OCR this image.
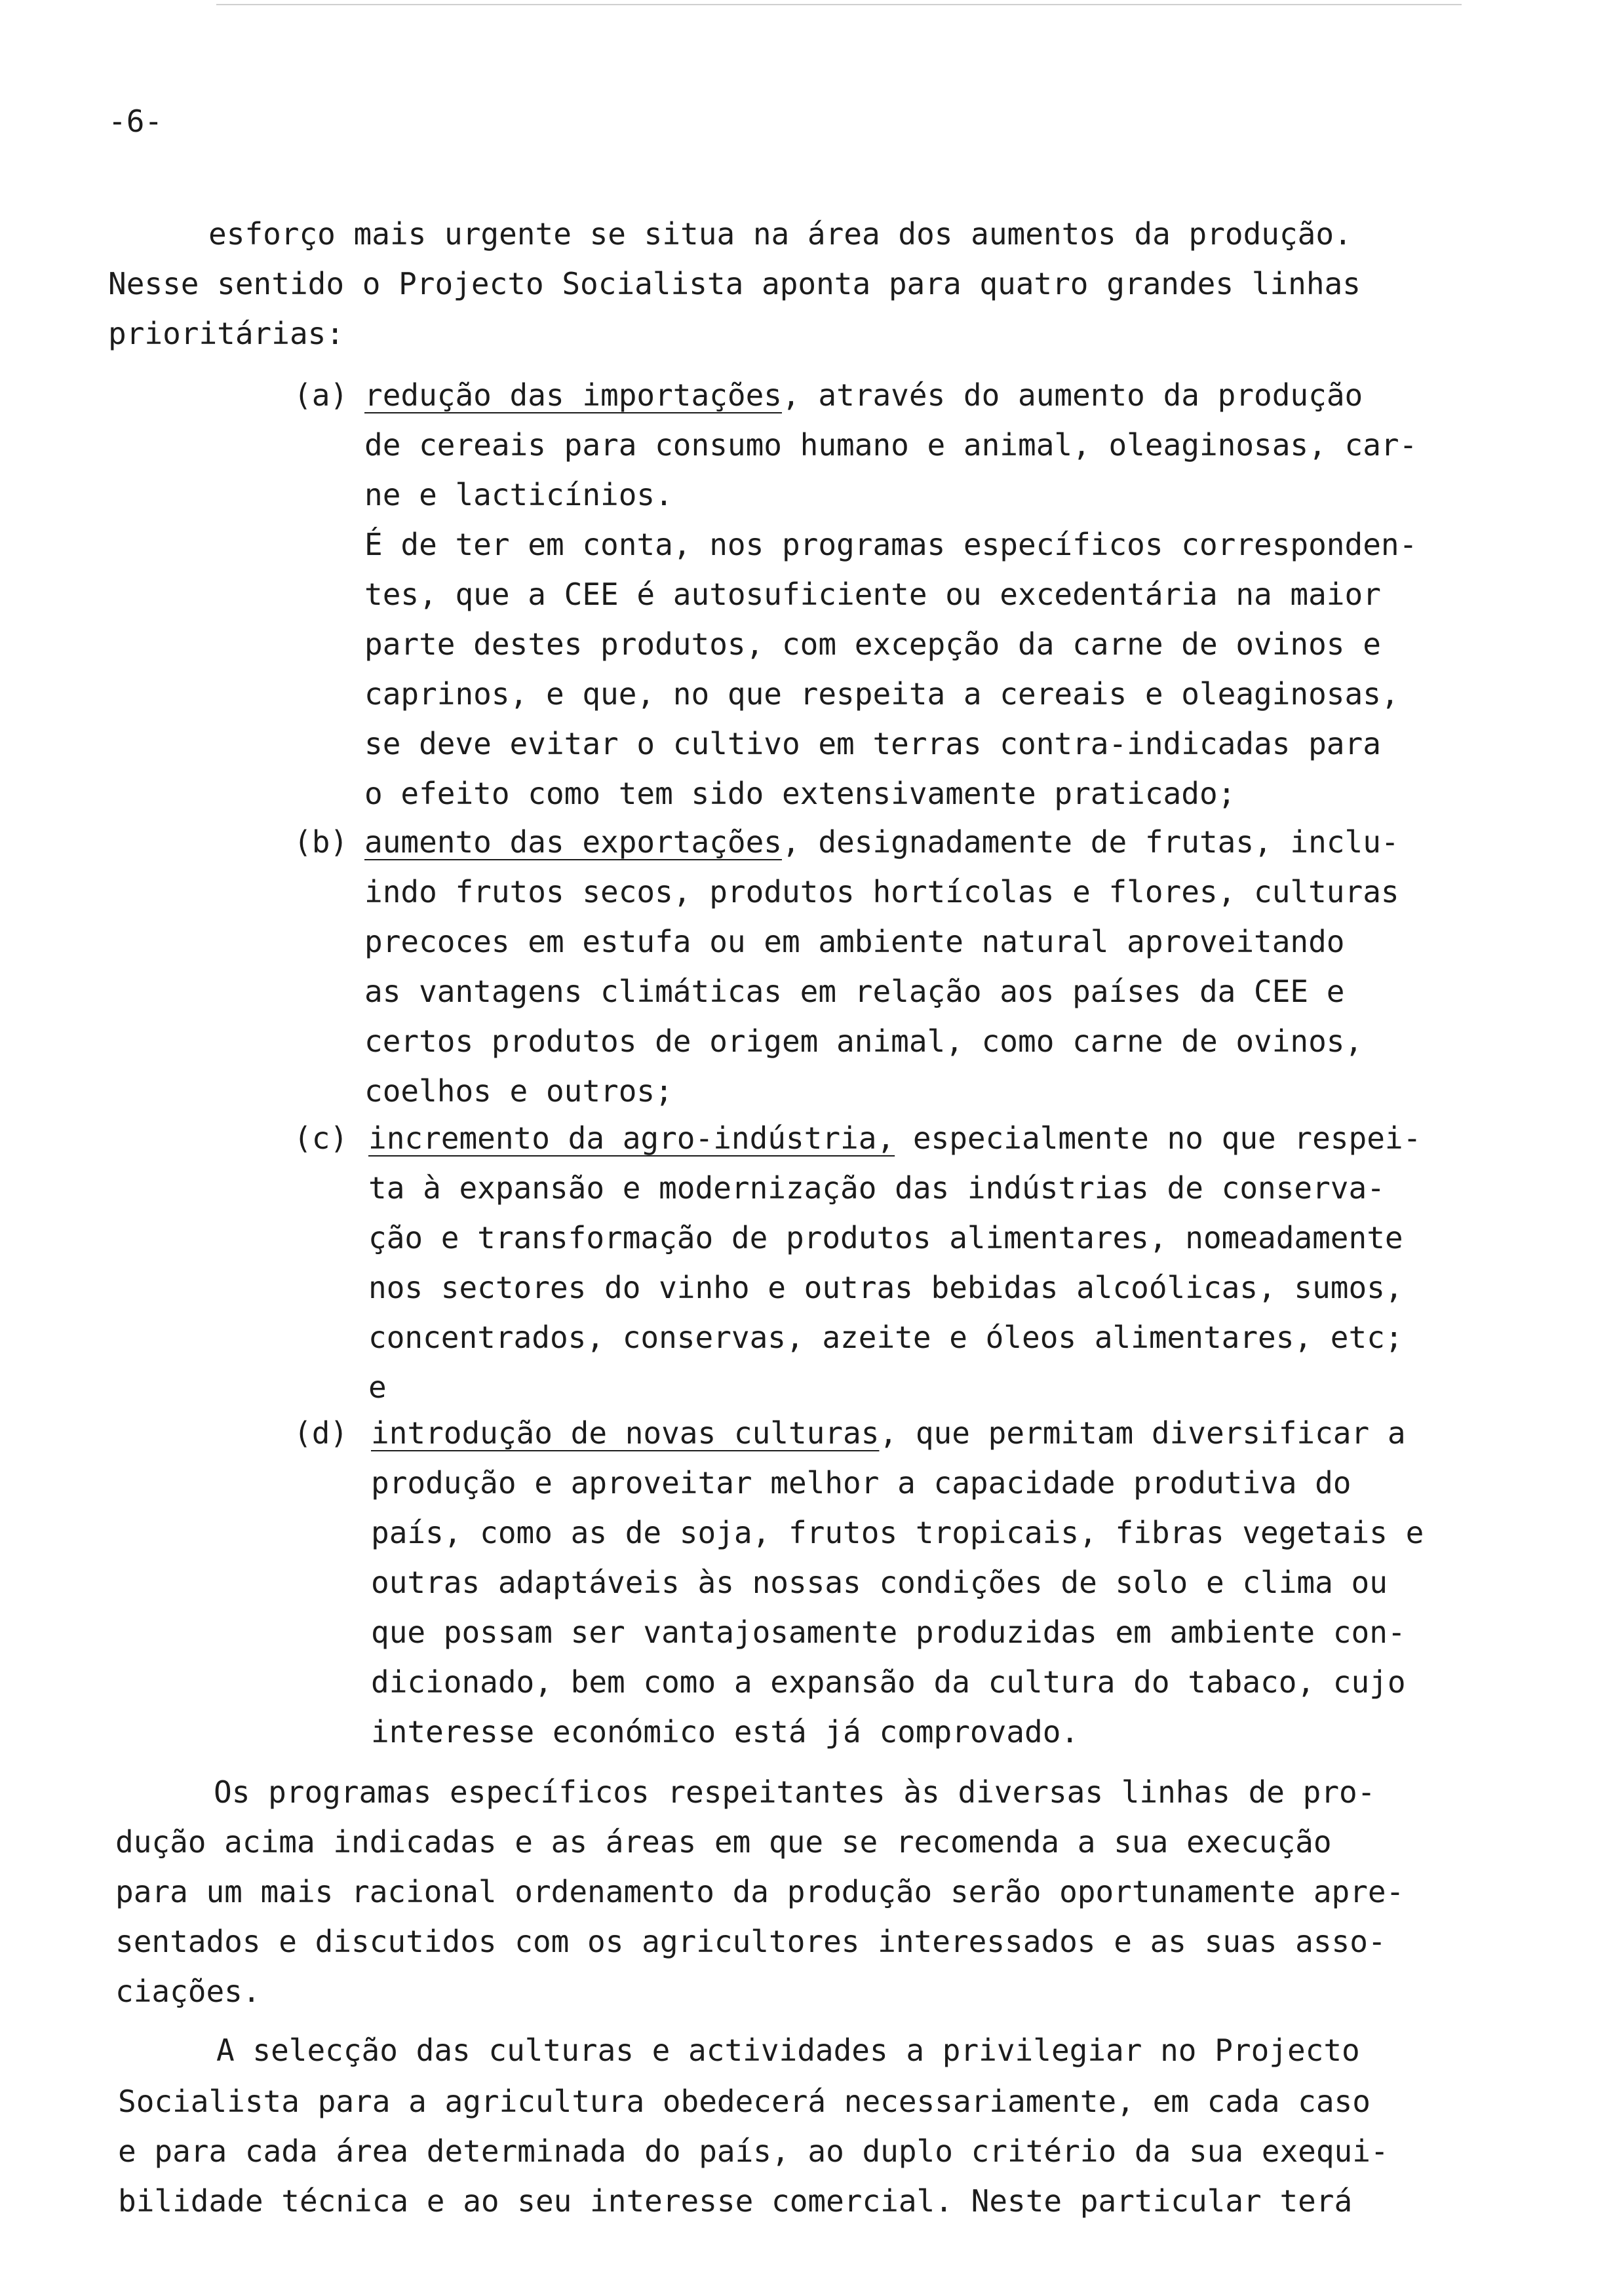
-6-
esforço mais urgente se situa na área dos aumentos da produção.
Nesse sentido o Projecto Socialista aponta para quatro grandes linhas
prioritárias:
(a) redução das importações, através do aumento da produção
de cereais para consumo humano e animal, oleaginosas, car-
ne e lacticínios.
É de ter em conta, nos programas específicos corresponden-
tes, que a CEE é autosuficiente ou excedentária na maior
parte destes produtos, com excepção da carne de ovinos e
caprinos, e que, no que respeita a cereais e oleaginosas,
se deve evitar o cultivo em terras contra-indicadas para
o efeito como tem sido extensivamente praticado;
(b) aumento das exportações, designadamente de frutas, inclu-
indo frutos secos, produtos hortícolas e flores, culturas
precoces em estufa ou em ambiente natural aproveitando
as vantagens climáticas em relação aos países da CEE e
certos produtos de origem animal, como carne de ovinos,
coelhos e outros;
(c) incremento da agro-indústria, especialmente no que respei-
ta à expansão e modernização das indústrias de conserva-
ção e transformação de produtos alimentares, nomeadamente
nos sectores do vinho e outras bebidas alcoólicas, sumos,
concentrados, conservas, azeite e óleos alimentares, etc;
e
(d) introdução de novas culturas, que permitam diversificar a
produção e aproveitar melhor a capacidade produtiva do
país, como as de soja, frutos tropicais, fibras vegetais e
outras adaptáveis às nossas condições de solo e clima ou
que possam ser vantajosamente produzidas em ambiente con-
dicionado, bem como a expansão da cultura do tabaco, cujo
interesse económico está já comprovado.
Os programas específicos respeitantes às diversas linhas de pro-
dução acima indicadas e as áreas em que se recomenda a sua execução
para um mais racional ordenamento da produção serão oportunamente apre-
sentados e discutidos com os agricultores interessados e as suas asso-
ciações.
A selecção das culturas e actividades a privilegiar no Projecto
Socialista para a agricultura obedecerá necessariamente, em cada caso
e para cada área determinada do país, ao duplo critério da sua exequi-
bilidade técnica e ao seu interesse comercial. Neste particular terá
